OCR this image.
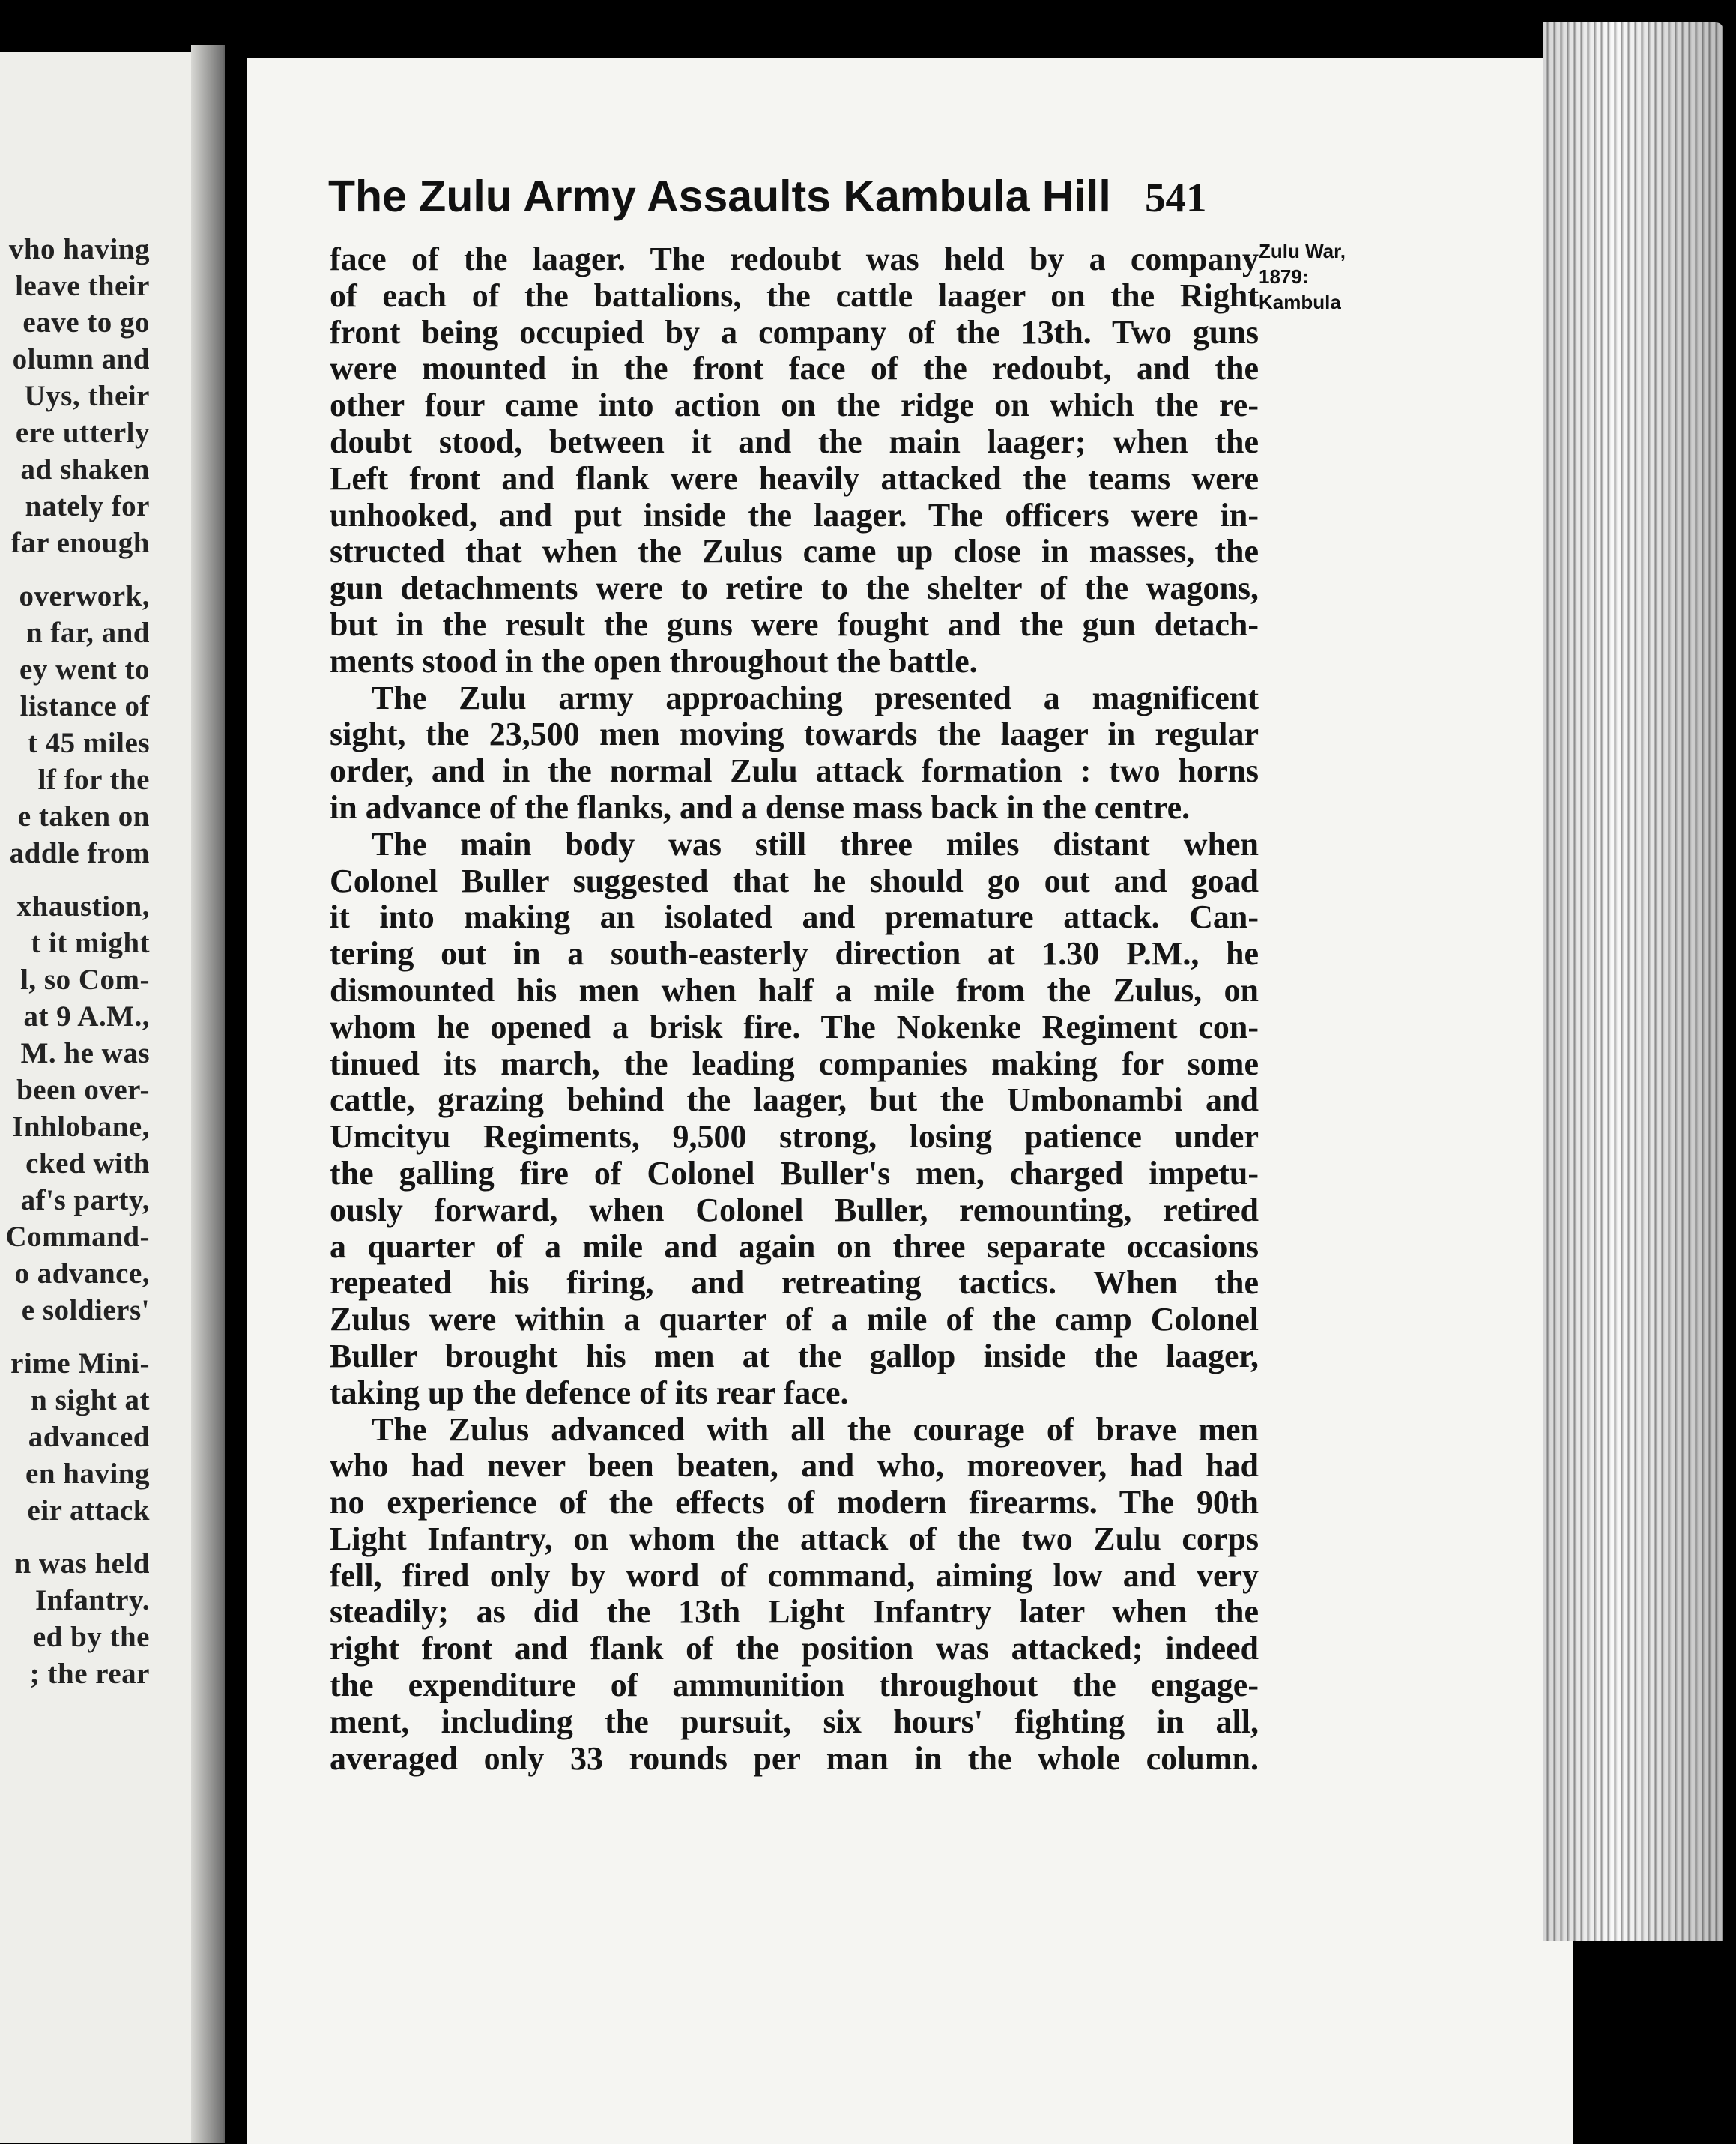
vho having
leave their
eave to go
olumn and
Uys, their
ere utterly
ad shaken
nately for
far enough
overwork,
n far, and
ey went to
listance of
t 45 miles
lf for the
e taken on
addle from
xhaustion,
t it might
l, so Com-
at 9 A.M.,
M. he was
been over-
Inhlobane,
cked with
af's party,
Command-
o advance,
e soldiers'
rime Mini-
n sight at
advanced
en having
eir attack
n was held
Infantry.
ed by the
; the rear
The Zulu Army Assaults Kambula Hill 541
Zulu War,
1879:
Kambula
face of the laager. The redoubt was held by a company
of each of the battalions, the cattle laager on the Right
front being occupied by a company of the 13th. Two guns
were mounted in the front face of the redoubt, and the
other four came into action on the ridge on which the re-
doubt stood, between it and the main laager; when the
Left front and flank were heavily attacked the teams were
unhooked, and put inside the laager. The officers were in-
structed that when the Zulus came up close in masses, the
gun detachments were to retire to the shelter of the wagons,
but in the result the guns were fought and the gun detach-
ments stood in the open throughout the battle.
The Zulu army approaching presented a magnificent
sight, the 23,500 men moving towards the laager in regular
order, and in the normal Zulu attack formation : two horns
in advance of the flanks, and a dense mass back in the centre.
The main body was still three miles distant when
Colonel Buller suggested that he should go out and goad
it into making an isolated and premature attack. Can-
tering out in a south-easterly direction at 1.30 P.M., he
dismounted his men when half a mile from the Zulus, on
whom he opened a brisk fire. The Nokenke Regiment con-
tinued its march, the leading companies making for some
cattle, grazing behind the laager, but the Umbonambi and
Umcityu Regiments, 9,500 strong, losing patience under
the galling fire of Colonel Buller's men, charged impetu-
ously forward, when Colonel Buller, remounting, retired
a quarter of a mile and again on three separate occasions
repeated his firing, and retreating tactics. When the
Zulus were within a quarter of a mile of the camp Colonel
Buller brought his men at the gallop inside the laager,
taking up the defence of its rear face.
The Zulus advanced with all the courage of brave men
who had never been beaten, and who, moreover, had had
no experience of the effects of modern firearms. The 90th
Light Infantry, on whom the attack of the two Zulu corps
fell, fired only by word of command, aiming low and very
steadily; as did the 13th Light Infantry later when the
right front and flank of the position was attacked; indeed
the expenditure of ammunition throughout the engage-
ment, including the pursuit, six hours' fighting in all,
averaged only 33 rounds per man in the whole column.
